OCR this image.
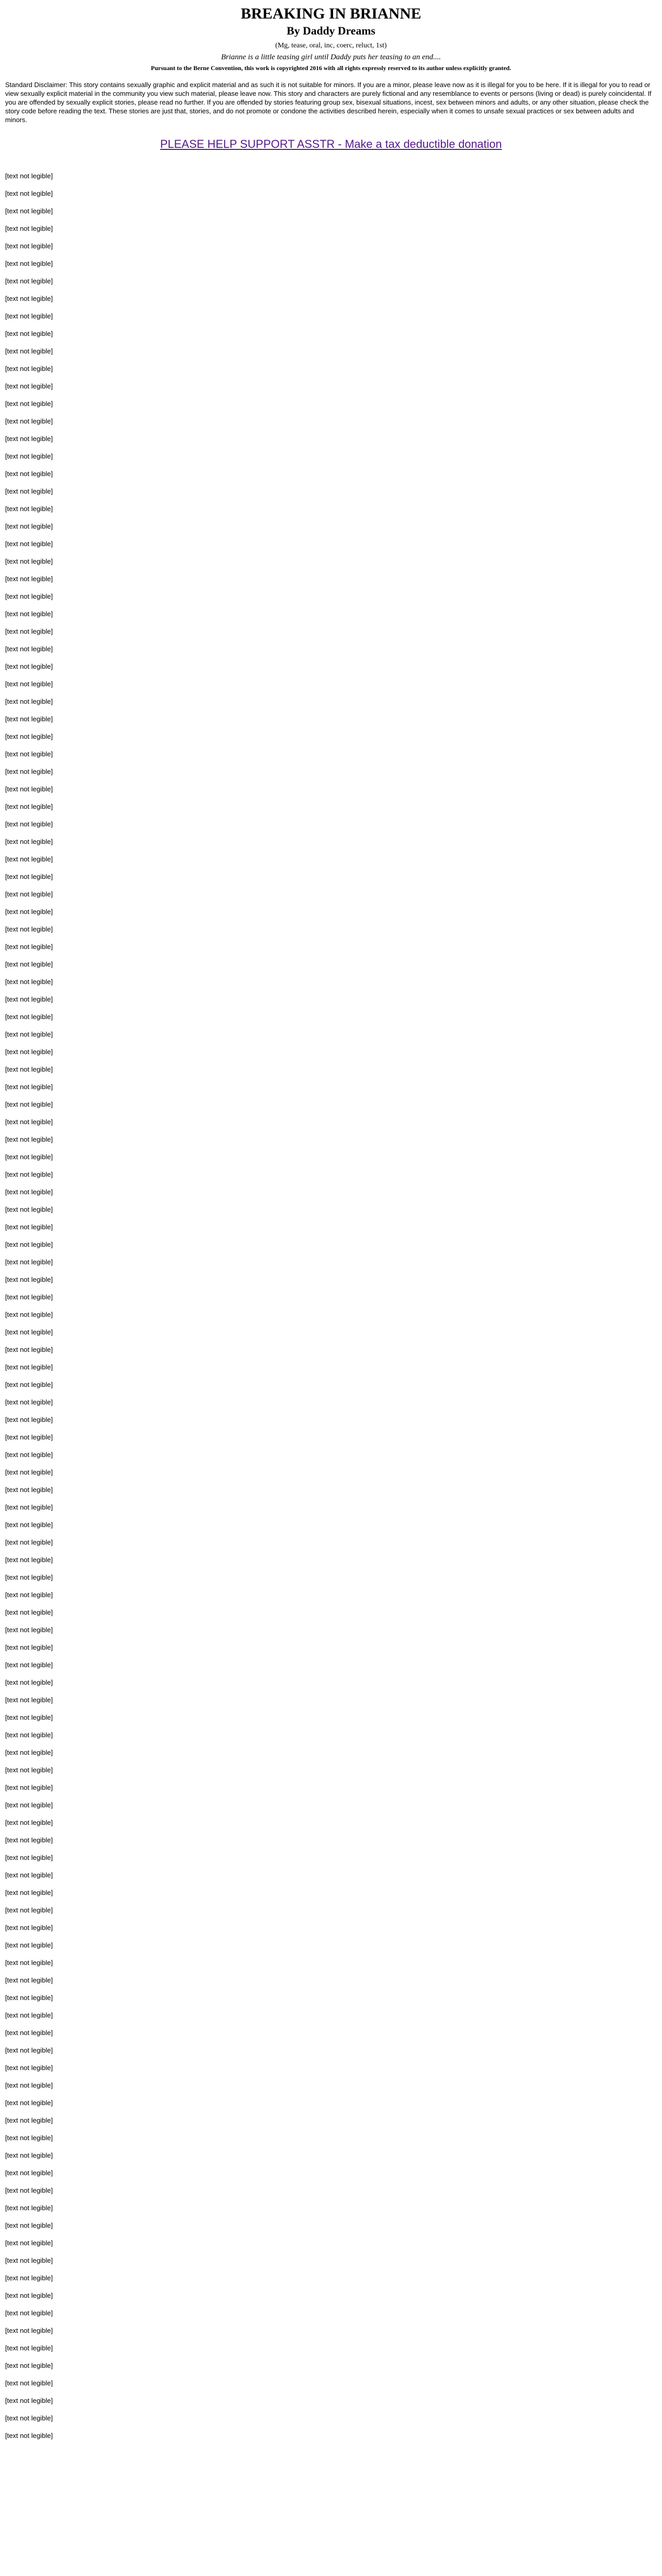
BREAKING IN BRIANNE
By Daddy Dreams

(Mg, tease, oral, inc, coerc, reluct, 1st)

Brianne is a little teasing girl until Daddy puts her teasing to an end....

Pursuant to the Berne Convention, this work is copyrighted 2016 with all rights expressly reserved to its author unless explicitly granted.

Standard Disclaimer: This story contains sexually graphic and explicit material and as such it is not suitable for minors. If you are a minor, please leave now as it is illegal for you to be here. If it is illegal for you to read or view sexually explicit material in the community you view such material, please leave now. This story and characters are purely fictional and any resemblance to events or persons (living or dead) is purely coincidental. If you are offended by sexually explicit stories, please read no further. If you are offended by stories featuring group sex, bisexual situations, incest, sex between minors and adults, or any other situation, please check the story code before reading the text. These stories are just that, stories, and do not promote or condone the activities described herein, especially when it comes to unsafe sexual practices or sex between adults and minors.

PLEASE HELP SUPPORT ASSTR - Make a tax deductible donation

[text not legible]

[text not legible]

[text not legible]

[text not legible]

[text not legible]

[text not legible]

[text not legible]

[text not legible]

[text not legible]

[text not legible]

[text not legible]

[text not legible]

[text not legible]

[text not legible]

[text not legible]

[text not legible]

[text not legible]

[text not legible]

[text not legible]

[text not legible]

[text not legible]

[text not legible]

[text not legible]

[text not legible]

[text not legible]

[text not legible]

[text not legible]

[text not legible]

[text not legible]

[text not legible]

[text not legible]

[text not legible]

[text not legible]

[text not legible]

[text not legible]

[text not legible]

[text not legible]

[text not legible]

[text not legible]

[text not legible]

[text not legible]

[text not legible]

[text not legible]

[text not legible]

[text not legible]

[text not legible]

[text not legible]

[text not legible]

[text not legible]

[text not legible]

[text not legible]

[text not legible]

[text not legible]

[text not legible]

[text not legible]

[text not legible]

[text not legible]

[text not legible]

[text not legible]

[text not legible]

[text not legible]

[text not legible]

[text not legible]

[text not legible]

[text not legible]

[text not legible]

[text not legible]

[text not legible]

[text not legible]

[text not legible]

[text not legible]

[text not legible]

[text not legible]

[text not legible]

[text not legible]

[text not legible]

[text not legible]

[text not legible]

[text not legible]

[text not legible]

[text not legible]

[text not legible]

[text not legible]

[text not legible]

[text not legible]

[text not legible]

[text not legible]

[text not legible]

[text not legible]

[text not legible]

[text not legible]

[text not legible]

[text not legible]

[text not legible]

[text not legible]

[text not legible]

[text not legible]

[text not legible]

[text not legible]

[text not legible]

[text not legible]

[text not legible]

[text not legible]

[text not legible]

[text not legible]

[text not legible]

[text not legible]

[text not legible]

[text not legible]

[text not legible]

[text not legible]

[text not legible]

[text not legible]

[text not legible]

[text not legible]

[text not legible]

[text not legible]

[text not legible]

[text not legible]

[text not legible]

[text not legible]

[text not legible]

[text not legible]

[text not legible]

[text not legible]

[text not legible]

[text not legible]

[text not legible]

[text not legible]

[text not legible]
